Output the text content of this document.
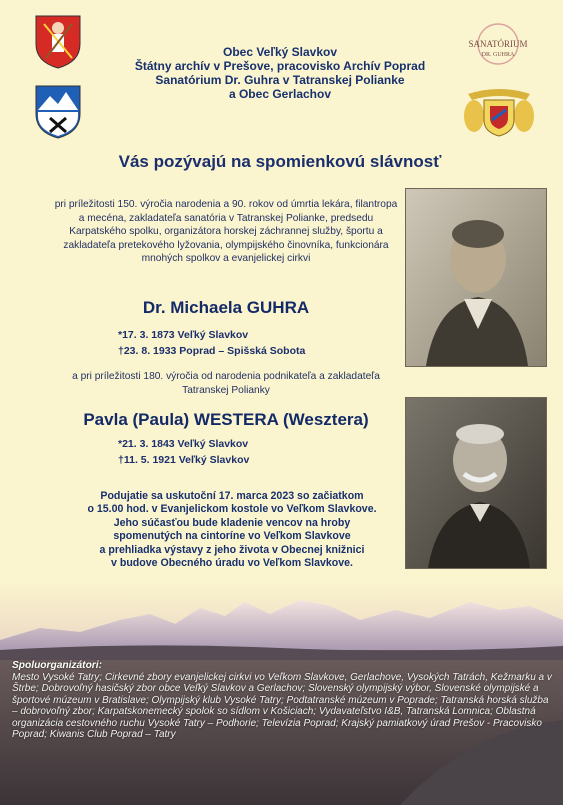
SANATÓRIUM
DR. GUHRA
Obec Veľký Slavkov
Štátny archív v Prešove, pracovisko Archív Poprad
Sanatórium Dr. Guhra v Tatranskej Polianke
a Obec Gerlachov
Vás pozývajú na spomienkovú slávnosť
pri príležitosti 150. výročia narodenia a 90. rokov od úmrtia lekára, filantropa a mecéna, zakladateľa sanatória v Tatranskej Polianke, predsedu Karpatského spolku, organizátora horskej záchrannej služby, športu a zakladateľa pretekového lyžovania, olympijského činovníka, funkcionára mnohých spolkov a evanjelickej cirkvi
Dr. Michaela GUHRA
*17. 3. 1873 Veľký Slavkov
†23. 8. 1933 Poprad – Spišská Sobota
a pri príležitosti 180. výročia od narodenia podnikateľa a zakladateľa Tatranskej Polianky
Pavla (Paula) WESTERA (Wesztera)
*21. 3. 1843 Veľký Slavkov
†11. 5. 1921 Veľký Slavkov
Podujatie sa uskutoční 17. marca 2023 so začiatkom
o 15.00 hod. v Evanjelickom kostole vo Veľkom Slavkove.
Jeho súčasťou bude kladenie vencov na hroby
spomenutých na cintoríne vo Veľkom Slavkove
a prehliadka výstavy z jeho života v Obecnej knižnici
v budove Obecného úradu vo Veľkom Slavkove.
Spoluorganizátori:
Mesto Vysoké Tatry; Cirkevné zbory evanjelickej cirkvi vo Veľkom Slavkove, Gerlachove, Vysokých Tatrách, Kežmarku a v Štrbe; Dobrovoľný hasičský zbor obce Veľký Slavkov a Gerlachov; Slovenský olympijský výbor, Slovenské olympijské a športové múzeum v Bratislave; Olympijský klub Vysoké Tatry; Podtatranské múzeum v Poprade; Tatranská horská služba – dobrovoľný zbor; Karpatskonemecký spolok so sídlom v Košiciach; Vydavateľstvo I&B, Tatranská Lomnica; Oblastná organizácia cestovného ruchu Vysoké Tatry – Podhorie; Televízia Poprad; Krajský pamiatkový úrad Prešov - Pracovisko Poprad; Kiwanis Club Poprad – Tatry
